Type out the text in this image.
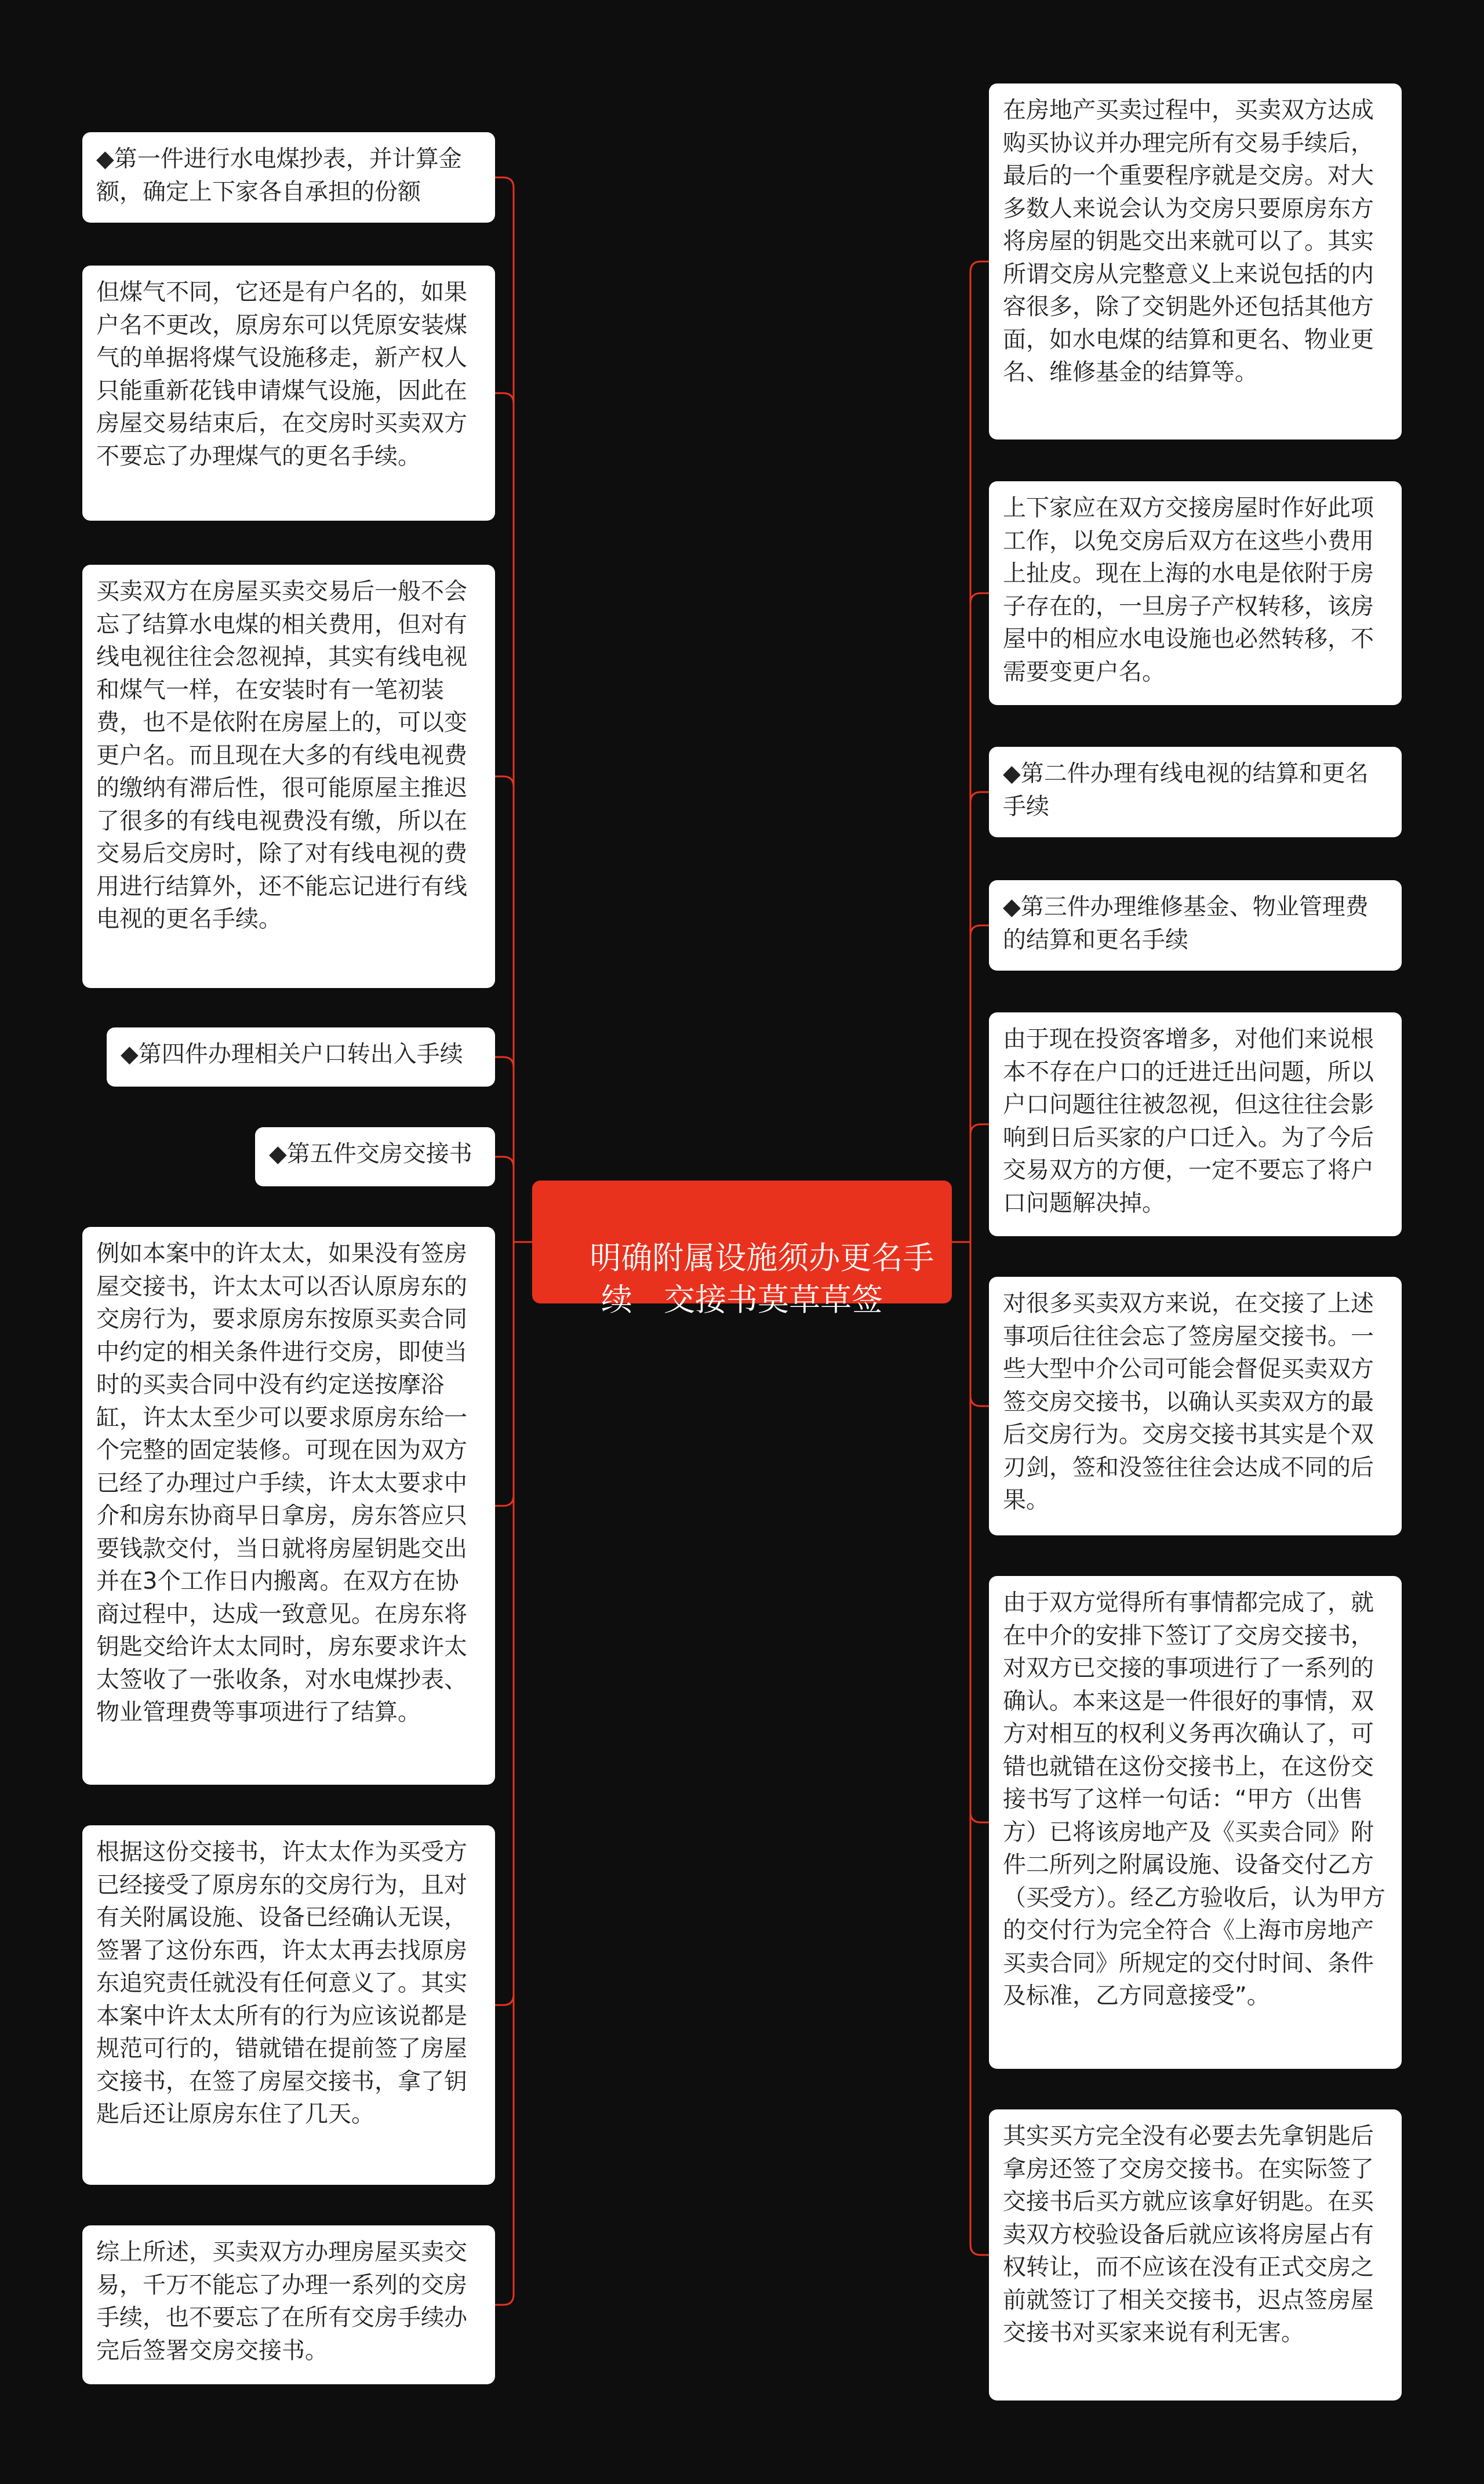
明确附属设施须办更名手续　交接书莫草草签

◆第一件进行水电煤抄表，并计算金额，确定上下家各自承担的份额
但煤气不同，它还是有户名的，如果户名不更改，原房东可以凭原安装煤气的单据将煤气设施移走，新产权人只能重新花钱申请煤气设施，因此在房屋交易结束后，在交房时买卖双方不要忘了办理煤气的更名手续。
买卖双方在房屋买卖交易后一般不会忘了结算水电煤的相关费用，但对有线电视往往会忽视掉，其实有线电视和煤气一样，在安装时有一笔初装费，也不是依附在房屋上的，可以变更户名。而且现在大多的有线电视费的缴纳有滞后性，很可能原屋主推迟了很多的有线电视费没有缴，所以在交易后交房时，除了对有线电视的费用进行结算外，还不能忘记进行有线电视的更名手续。
◆第四件办理相关户口转出入手续
◆第五件交房交接书
例如本案中的许太太，如果没有签房屋交接书，许太太可以否认原房东的交房行为，要求原房东按原买卖合同中约定的相关条件进行交房，即使当时的买卖合同中没有约定送按摩浴缸，许太太至少可以要求原房东给一个完整的固定装修。可现在因为双方已经了办理过户手续，许太太要求中介和房东协商早日拿房，房东答应只要钱款交付，当日就将房屋钥匙交出并在3个工作日内搬离。在双方在协商过程中，达成一致意见。在房东将钥匙交给许太太同时，房东要求许太太签收了一张收条，对水电煤抄表、物业管理费等事项进行了结算。
根据这份交接书，许太太作为买受方已经接受了原房东的交房行为，且对有关附属设施、设备已经确认无误，签署了这份东西，许太太再去找原房东追究责任就没有任何意义了。其实本案中许太太所有的行为应该说都是规范可行的，错就错在提前签了房屋交接书，在签了房屋交接书，拿了钥匙后还让原房东住了几天。
综上所述，买卖双方办理房屋买卖交易，千万不能忘了办理一系列的交房手续，也不要忘了在所有交房手续办完后签署交房交接书。
在房地产买卖过程中，买卖双方达成购买协议并办理完所有交易手续后，最后的一个重要程序就是交房。对大多数人来说会认为交房只要原房东方将房屋的钥匙交出来就可以了。其实所谓交房从完整意义上来说包括的内容很多，除了交钥匙外还包括其他方面，如水电煤的结算和更名、物业更名、维修基金的结算等。
上下家应在双方交接房屋时作好此项工作，以免交房后双方在这些小费用上扯皮。现在上海的水电是依附于房子存在的，一旦房子产权转移，该房屋中的相应水电设施也必然转移，不需要变更户名。
◆第二件办理有线电视的结算和更名手续
◆第三件办理维修基金、物业管理费的结算和更名手续
由于现在投资客增多，对他们来说根本不存在户口的迁进迁出问题，所以户口问题往往被忽视，但这往往会影响到日后买家的户口迁入。为了今后交易双方的方便，一定不要忘了将户口问题解决掉。
对很多买卖双方来说，在交接了上述事项后往往会忘了签房屋交接书。一些大型中介公司可能会督促买卖双方签交房交接书，以确认买卖双方的最后交房行为。交房交接书其实是个双刃剑，签和没签往往会达成不同的后果。
由于双方觉得所有事情都完成了，就在中介的安排下签订了交房交接书，对双方已交接的事项进行了一系列的确认。本来这是一件很好的事情，双方对相互的权利义务再次确认了，可错也就错在这份交接书上，在这份交接书写了这样一句话：“甲方（出售方）已将该房地产及《买卖合同》附件二所列之附属设施、设备交付乙方（买受方）。经乙方验收后，认为甲方的交付行为完全符合《上海市房地产买卖合同》所规定的交付时间、条件及标准，乙方同意接受”。
其实买方完全没有必要去先拿钥匙后拿房还签了交房交接书。在实际签了交接书后买方就应该拿好钥匙。在买卖双方校验设备后就应该将房屋占有权转让，而不应该在没有正式交房之前就签订了相关交接书，迟点签房屋交接书对买家来说有利无害。
